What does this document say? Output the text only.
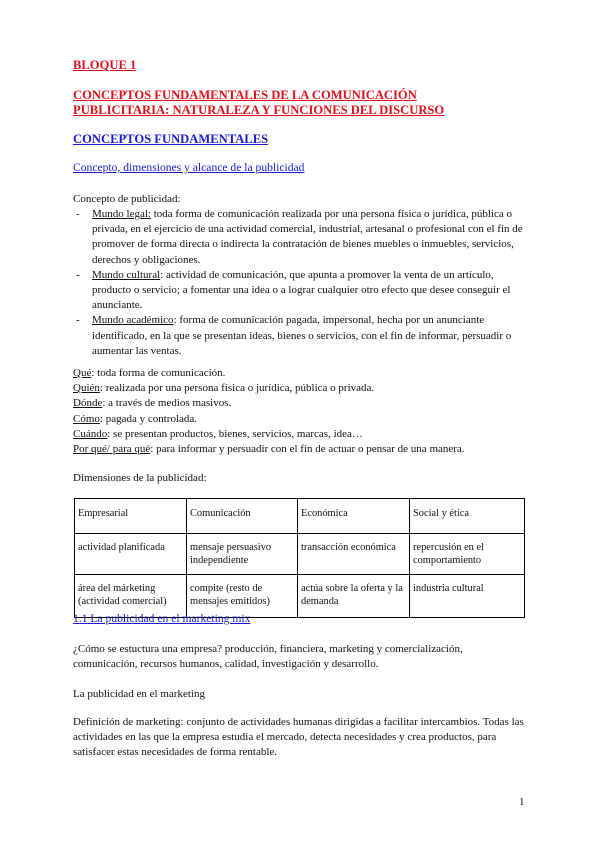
BLOQUE 1
CONCEPTOS FUNDAMENTALES DE LA COMUNICACIÓN PUBLICITARIA: NATURALEZA Y FUNCIONES DEL DISCURSO
CONCEPTOS FUNDAMENTALES
Concepto, dimensiones y alcance de la publicidad
Concepto de publicidad:
- Mundo legal: toda forma de comunicación realizada por una persona física o jurídica, pública o privada, en el ejercicio de una actividad comercial, industrial, artesanal o profesional con el fin de promover de forma directa o indirecta la contratación de bienes muebles o inmuebles, servicios, derechos y obligaciones.
- Mundo cultural: actividad de comunicación, que apunta a promover la venta de un artículo, producto o servicio; a fomentar una idea o a lograr cualquier otro efecto que desee conseguir el anunciante.
- Mundo académico: forma de comunicación pagada, impersonal, hecha por un anunciante identificado, en la que se presentan ideas, bienes o servicios, con el fin de informar, persuadir o aumentar las ventas.
Qué: toda forma de comunicación.
Quién: realizada por una persona física o jurídica, pública o privada.
Dónde: a través de medios masivos.
Cómo: pagada y controlada.
Cuándo: se presentan productos, bienes, servicios, marcas, idea…
Por qué/ para qué: para informar y persuadir con el fin de actuar o pensar de una manera.
Dimensiones de la publicidad:
Empresarial	Comunicación	Económica	Social y ética
actividad planificada	mensaje persuasivo independiente	transacción económica	repercusión en el comportamiento
área del márketing (actividad comercial)	compite (resto de mensajes emitidos)	actúa sobre la oferta y la demanda	industria cultural
1.1 La publicidad en el marketing mix
¿Cómo se estuctura una empresa? producción, financiera, marketing y comercialización, comunicación, recursos humanos, calidad, investigación y desarrollo.
La publicidad en el marketing
Definición de marketing: conjunto de actividades humanas dirigidas a facilitar intercambios. Todas las actividades en las que la empresa estudia el mercado, detecta necesidades y crea productos, para satisfacer estas necesidades de forma rentable.
1
